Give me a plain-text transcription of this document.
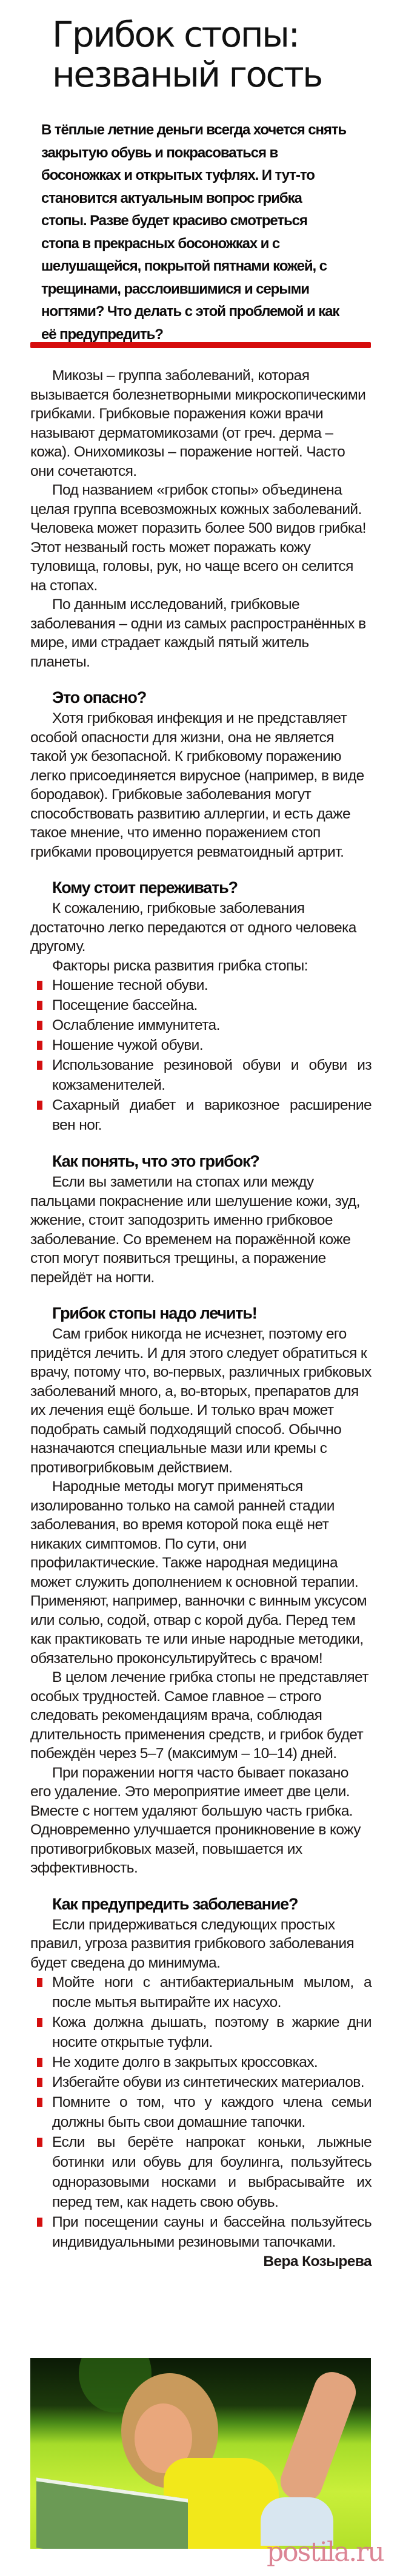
Грибок стопы:
незваный гость

В тёплые летние деньги всегда хочется снять закрытую обувь и покрасоваться в босоножках и открытых туфлях. И тут-то становится актуальным вопрос грибка стопы. Разве будет красиво смотреться стопа в прекрасных босоножках и с шелушащейся, покрытой пятнами кожей, с трещинами, расслоившимися и серыми ногтями? Что делать с этой проблемой и как её предупредить?

Микозы – группа заболеваний, которая вызывается болезнетворными микроскопическими грибками. Грибковые поражения кожи врачи называют дерматомикозами (от греч. дерма – кожа). Онихомикозы – поражение ногтей. Часто они сочетаются.

Под названием «грибок стопы» объединена целая группа всевозможных кожных заболеваний. Человека может поразить более 500 видов грибка! Этот незваный гость может поражать кожу туловища, головы, рук, но чаще всего он селится на стопах.

По данным исследований, грибковые заболевания – одни из самых распространённых в мире, ими страдает каждый пятый житель планеты.

Это опасно?

Хотя грибковая инфекция и не представляет особой опасности для жизни, она не является такой уж безопасной. К грибковому поражению легко присоединяется вирусное (например, в виде бородавок). Грибковые заболевания могут способствовать развитию аллергии, и есть даже такое мнение, что именно поражением стоп грибками провоцируется ревматоидный артрит.

Кому стоит переживать?

К сожалению, грибковые заболевания достаточно легко передаются от одного человека другому.

Факторы риска развития грибка стопы:

Ношение тесной обуви.
Посещение бассейна.
Ослабление иммунитета.
Ношение чужой обуви.
Использование резиновой обуви и обуви из кожзаменителей.
Сахарный диабет и варикозное расширение вен ног.
Как понять, что это грибок?

Если вы заметили на стопах или между пальцами покраснение или шелушение кожи, зуд, жжение, стоит заподозрить именно грибковое заболевание. Со временем на поражённой коже стоп могут появиться трещины, а поражение перейдёт на ногти.

Грибок стопы надо лечить!

Сам грибок никогда не исчезнет, поэтому его придётся лечить. И для этого следует обратиться к врачу, потому что, во-первых, различных грибковых заболеваний много, а, во-вторых, препаратов для их лечения ещё больше. И только врач может подобрать самый подходящий способ. Обычно назначаются специальные мази или кремы с противогрибковым действием.

Народные методы могут применяться изолированно только на самой ранней стадии заболевания, во время которой пока ещё нет никаких симптомов. По сути, они профилактические. Также народная медицина может служить дополнением к основной терапии. Применяют, например, ванночки с винным уксусом или солью, содой, отвар с корой дуба. Перед тем как практиковать те или иные народные методики, обязательно проконсультируйтесь с врачом!

В целом лечение грибка стопы не представляет особых трудностей. Самое главное – строго следовать рекомендациям врача, соблюдая длительность применения средств, и грибок будет побеждён через 5–7 (максимум – 10–14) дней.

При поражении ногтя часто бывает показано его удаление. Это мероприятие имеет две цели. Вместе с ногтем удаляют большую часть грибка. Одновременно улучшается проникновение в кожу противогрибковых мазей, повышается их эффективность.

Как предупредить заболевание?

Если придерживаться следующих простых правил, угроза развития грибкового заболевания будет сведена до минимума.

Мойте ноги с антибактериальным мылом, а после мытья вытирайте их насухо.
Кожа должна дышать, поэтому в жаркие дни носите открытые туфли.
Не ходите долго в закрытых кроссовках.
Избегайте обуви из синтетических материалов.
Помните о том, что у каждого члена семьи должны быть свои домашние тапочки.
Если вы берёте напрокат коньки, лыжные ботинки или обувь для боулинга, пользуйтесь одноразовыми носками и выбрасывайте их перед тем, как надеть свою обувь.
При посещении сауны и бассейна пользуйтесь индивидуальными резиновыми тапочками.

Вера Козырева

postila.ru
